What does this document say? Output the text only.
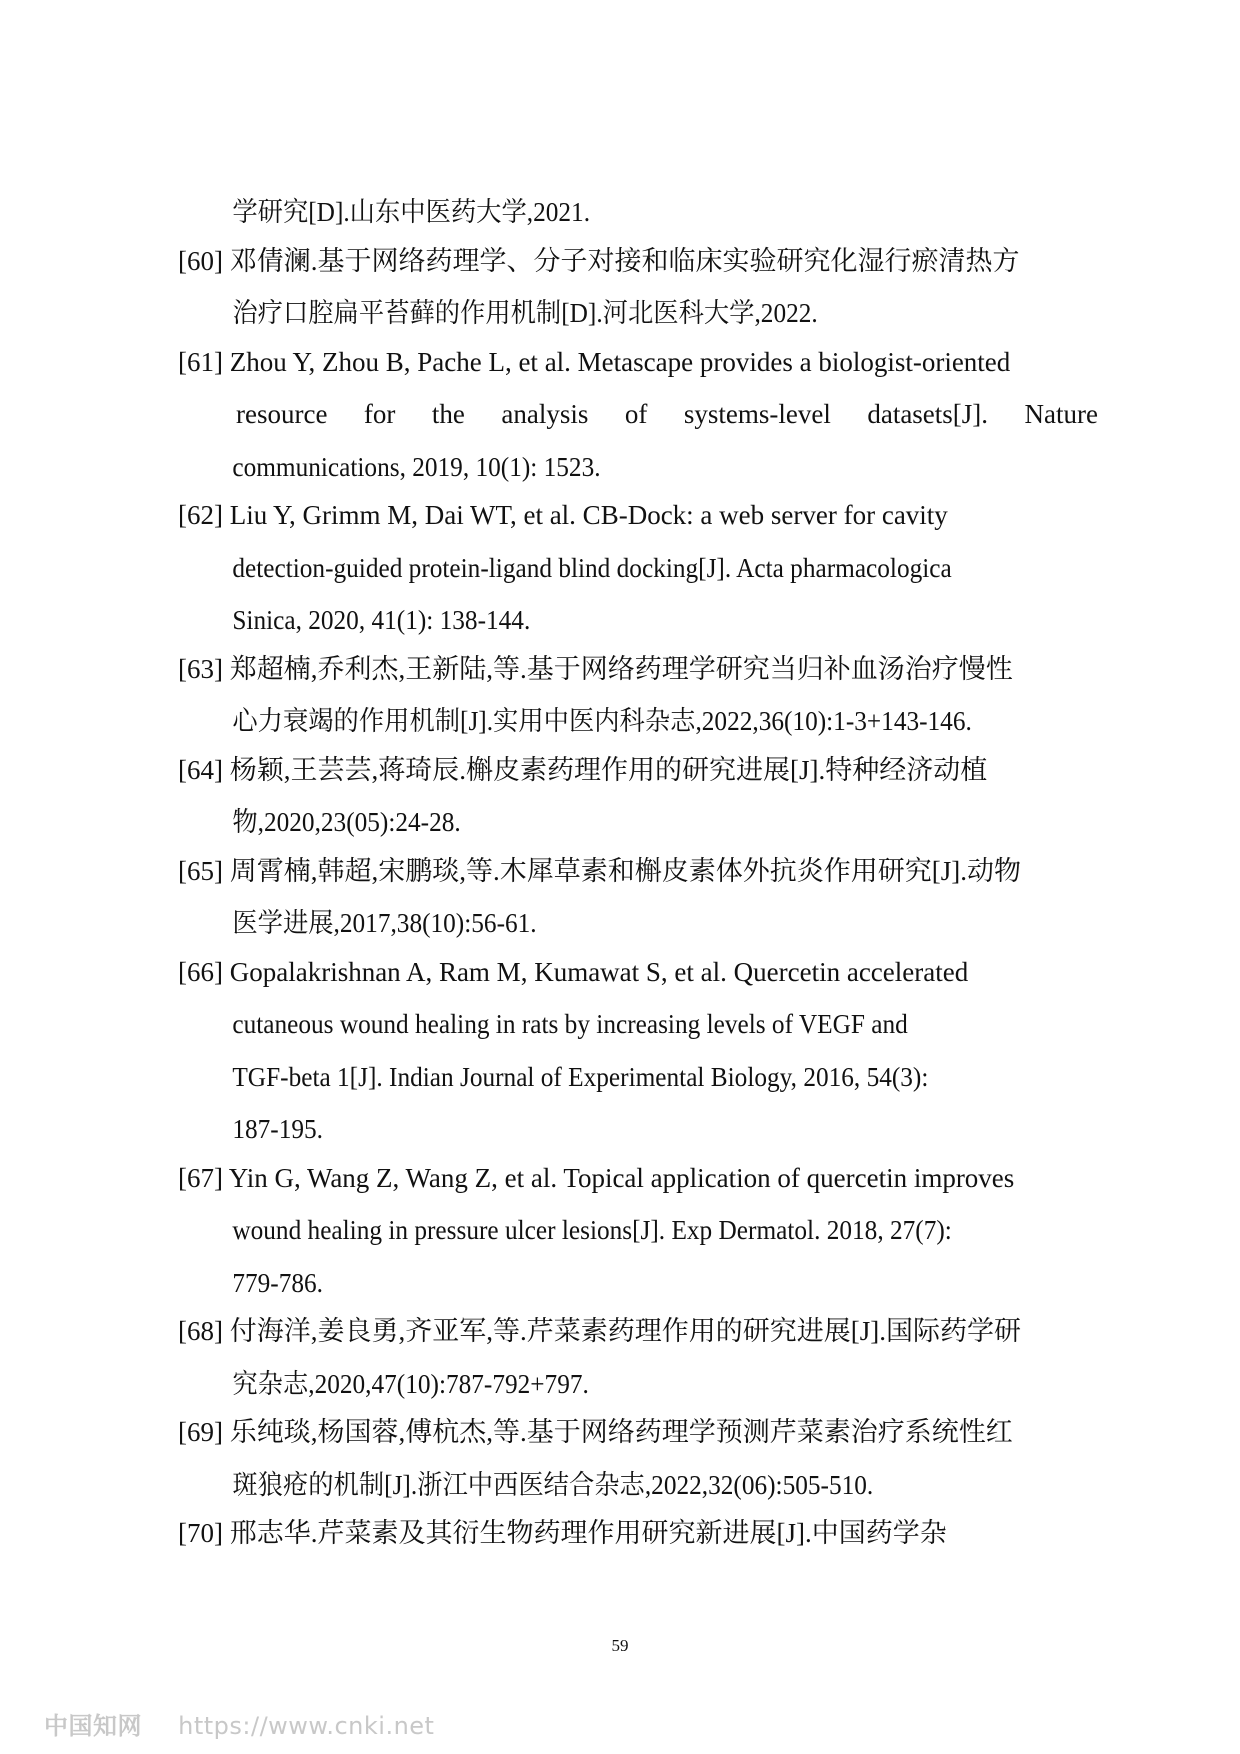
学研究[D].山东中医药大学,2021.
[60] 邓倩澜.基于网络药理学、分子对接和临床实验研究化湿行瘀清热方
治疗口腔扁平苔藓的作用机制[D].河北医科大学,2022.
[61] Zhou Y, Zhou B, Pache L, et al. Metascape provides a biologist-oriented
resource for the analysis of systems-level datasets[J]. Nature
communications, 2019, 10(1): 1523.
[62] Liu Y, Grimm M, Dai WT, et al. CB-Dock: a web server for cavity
detection-guided protein-ligand blind docking[J]. Acta pharmacologica
Sinica, 2020, 41(1): 138-144.
[63] 郑超楠,乔利杰,王新陆,等.基于网络药理学研究当归补血汤治疗慢性
心力衰竭的作用机制[J].实用中医内科杂志,2022,36(10):1-3+143-146.
[64] 杨颖,王芸芸,蒋琦辰.槲皮素药理作用的研究进展[J].特种经济动植
物,2020,23(05):24-28.
[65] 周霄楠,韩超,宋鹏琰,等.木犀草素和槲皮素体外抗炎作用研究[J].动物
医学进展,2017,38(10):56-61.
[66] Gopalakrishnan A, Ram M, Kumawat S, et al. Quercetin accelerated
cutaneous wound healing in rats by increasing levels of VEGF and
TGF-beta 1[J]. Indian Journal of Experimental Biology, 2016, 54(3):
187-195.
[67] Yin G, Wang Z, Wang Z, et al. Topical application of quercetin improves
wound healing in pressure ulcer lesions[J]. Exp Dermatol. 2018, 27(7):
779-786.
[68] 付海洋,姜良勇,齐亚军,等.芹菜素药理作用的研究进展[J].国际药学研
究杂志,2020,47(10):787-792+797.
[69] 乐纯琰,杨国蓉,傅杭杰,等.基于网络药理学预测芹菜素治疗系统性红
斑狼疮的机制[J].浙江中西医结合杂志,2022,32(06):505-510.
[70] 邢志华.芹菜素及其衍生物药理作用研究新进展[J].中国药学杂
59
中国知网 https://www.cnki.net
